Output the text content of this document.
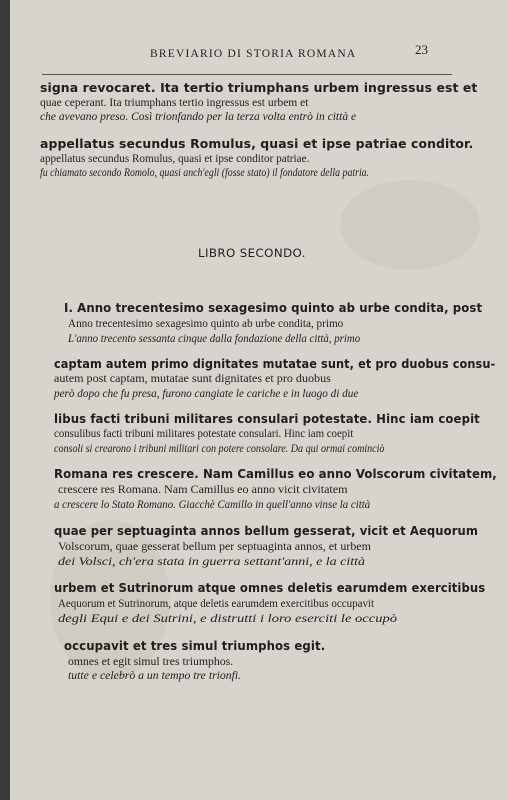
BREVIARIO DI STORIA ROMANA	23
signa revocaret. Ita tertio triumphans urbem ingressus est et
quae ceperant. Ita triumphans tertio ingressus est urbem et
che avevano preso. Così trionfando per la terza volta entrò in città e
appellatus secundus Romulus, quasi et ipse patriae conditor.
appellatus secundus Romulus, quasi et ipse conditor patriae.
fu chiamato secondo Romolo, quasi anch'egli (fosse stato) il fondatore della patria.
LIBRO SECONDO.
I. Anno trecentesimo sexagesimo quinto ab urbe condita, post
Anno trecentesimo sexagesimo quinto ab urbe condita, primo
L'anno trecento sessanta cinque dalla fondazione della città, primo
captam autem primo dignitates mutatae sunt, et pro duobus consu-
autem post captam, mutatae sunt dignitates et pro duobus
però dopo che fu presa, furono cangiate le cariche e in luogo di due
libus facti tribuni militares consulari potestate. Hinc iam coepit
consulibus facti tribuni militares potestate consulari. Hinc iam coepit
consoli si crearono i tribuni militari con potere consolare. Da qui ormai cominciò
Romana res crescere. Nam Camillus eo anno Volscorum civitatem,
crescere res Romana. Nam Camillus eo anno vicit civitatem
a crescere lo Stato Romano. Giacchè Camillo in quell'anno vinse la città
quae per septuaginta annos bellum gesserat, vicit et Aequorum
Volscorum, quae gesserat bellum per septuaginta annos, et urbem
dei Volsci, ch'era stata in guerra settant'anni, e la città
urbem et Sutrinorum atque omnes deletis earumdem exercitibus
Aequorum et Sutrinorum, atque deletis earumdem exercitibus occupavit
degli Equi e dei Sutrini, e distrutti i loro eserciti le occupò
occupavit et tres simul triumphos egit.
omnes et egit simul tres triumphos.
tutte e celebrò a un tempo tre trionfi.
